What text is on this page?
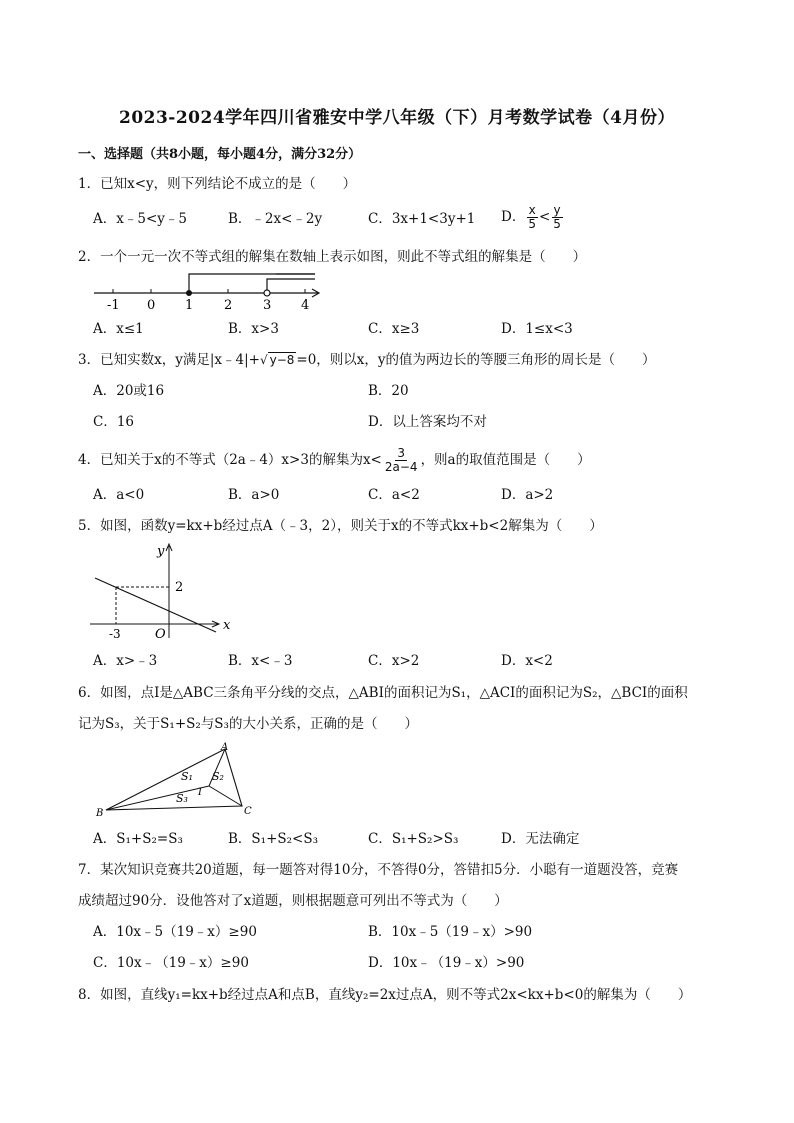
2023-2024学年四川省雅安中学八年级（下）月考数学试卷（4月份）
一、选择题（共8小题，每小题4分，满分32分）
1．已知x<y，则下列结论不成立的是（　　）
A．x﹣5<y﹣5	B．﹣2x<﹣2y	C．3x+1<3y+1 D． $\frac{x}{5} < \frac{y}{5}$
2．一个一元一次不等式组的解集在数轴上表示如图，则此不等式组的解集是（　　）
-1 0 1 2 3 4
A．x≤1	B．x>3	C．x≥3	D．1≤x<3
3．已知实数x，y满足|x﹣4|+√ y−8 =0，则以x，y的值为两边长的等腰三角形的周长是（　　）
A．20或16	B．20
C．16	D．以上答案均不对
4．已知关于x的不等式（2a﹣4）x>3的解集为$x< \frac{3}{2a-4}$ ，则a的取值范围是（　　）
A．a<0	B．a>0	C．a<2	D．a>2
5．如图，函数y=kx+b经过点A（﹣3，2），则关于x的不等式kx+b<2解集为（　　）
y
x
2
-3	O
A．x>﹣3	B．x<﹣3	C．x>2	D．x<2
6．如图，点I是△ABC三条角平分线的交点，△ABI的面积记为S₁，△ACI的面积记为S₂，△BCI的面积
记为S₃，关于S₁+S₂与S₃的大小关系，正确的是（　　）
A
B	C
I
S₁ S₂
S₃
A．S₁+S₂=S₃	B．S₁+S₂<S₃	C．S₁+S₂>S₃	D．无法确定
7．某次知识竞赛共20道题，每一题答对得10分，不答得0分，答错扣5分．小聪有一道题没答，竞赛
成绩超过90分．设他答对了x道题，则根据题意可列出不等式为（　　）
A．10x﹣5（19﹣x）≥90	B．10x﹣5（19﹣x）>90
C．10x﹣（19﹣x）≥90	D．10x﹣（19﹣x）>90
8．如图，直线y₁=kx+b经过点A和点B，直线y₂=2x过点A，则不等式2x<kx+b<0的解集为（　　）
